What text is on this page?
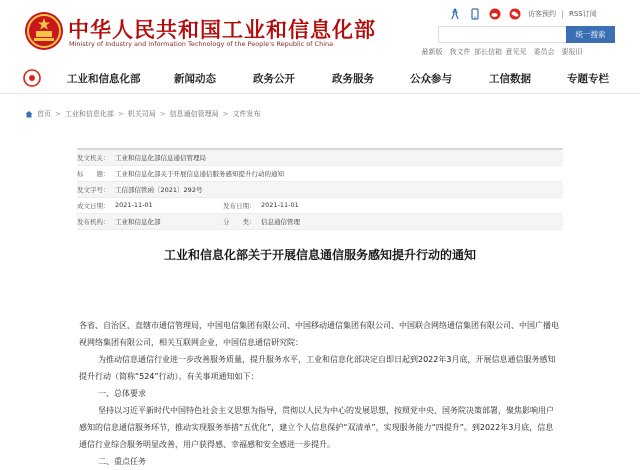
中华人民共和国工业和信息化部
Ministry of Industry and Information Technology of the People's Republic of China
访客预约 RSS订阅
统一搜索
最新版	我文件 部长信箱 意见见	委员会	要报旧
工业和信息化部	新闻动态	政务公开	政务服务	公众参与	工信数据	专题专栏
首页 > 工业和信息化部 > 机关司局 > 信息通信管理局 > 文件发布
发文机关： 工业和信息化部信息通信管理局
标　　题： 工业和信息化部关于开展信息通信服务感知提升行动的通知
发文字号： 工信部信管函〔2021〕292号
成文日期： 2021-11-01	发布日期： 2021-11-01
发布机构： 工业和信息化部	分　　类： 信息通信管理
工业和信息化部关于开展信息通信服务感知提升行动的通知

各省、自治区、直辖市通信管理局，中国电信集团有限公司、中国移动通信集团有限公司、中国联合网络通信集团有限公司、中国广播电视网络集团有限公司，相关互联网企业，中国信息通信研究院：

为推动信息通信行业进一步改善服务质量，提升服务水平，工业和信息化部决定自即日起到2022年3月底，开展信息通信服务感知提升行动（简称“524”行动）。有关事项通知如下：

一、总体要求

坚持以习近平新时代中国特色社会主义思想为指导，贯彻以人民为中心的发展思想，按照党中央、国务院决策部署，聚焦影响用户感知的信息通信服务环节，推动实现服务举措“五优化”，建立个人信息保护“双清单”，实现服务能力“四提升”。到2022年3月底，信息通信行业综合服务明显改善，用户获得感、幸福感和安全感进一步提升。

二、重点任务
